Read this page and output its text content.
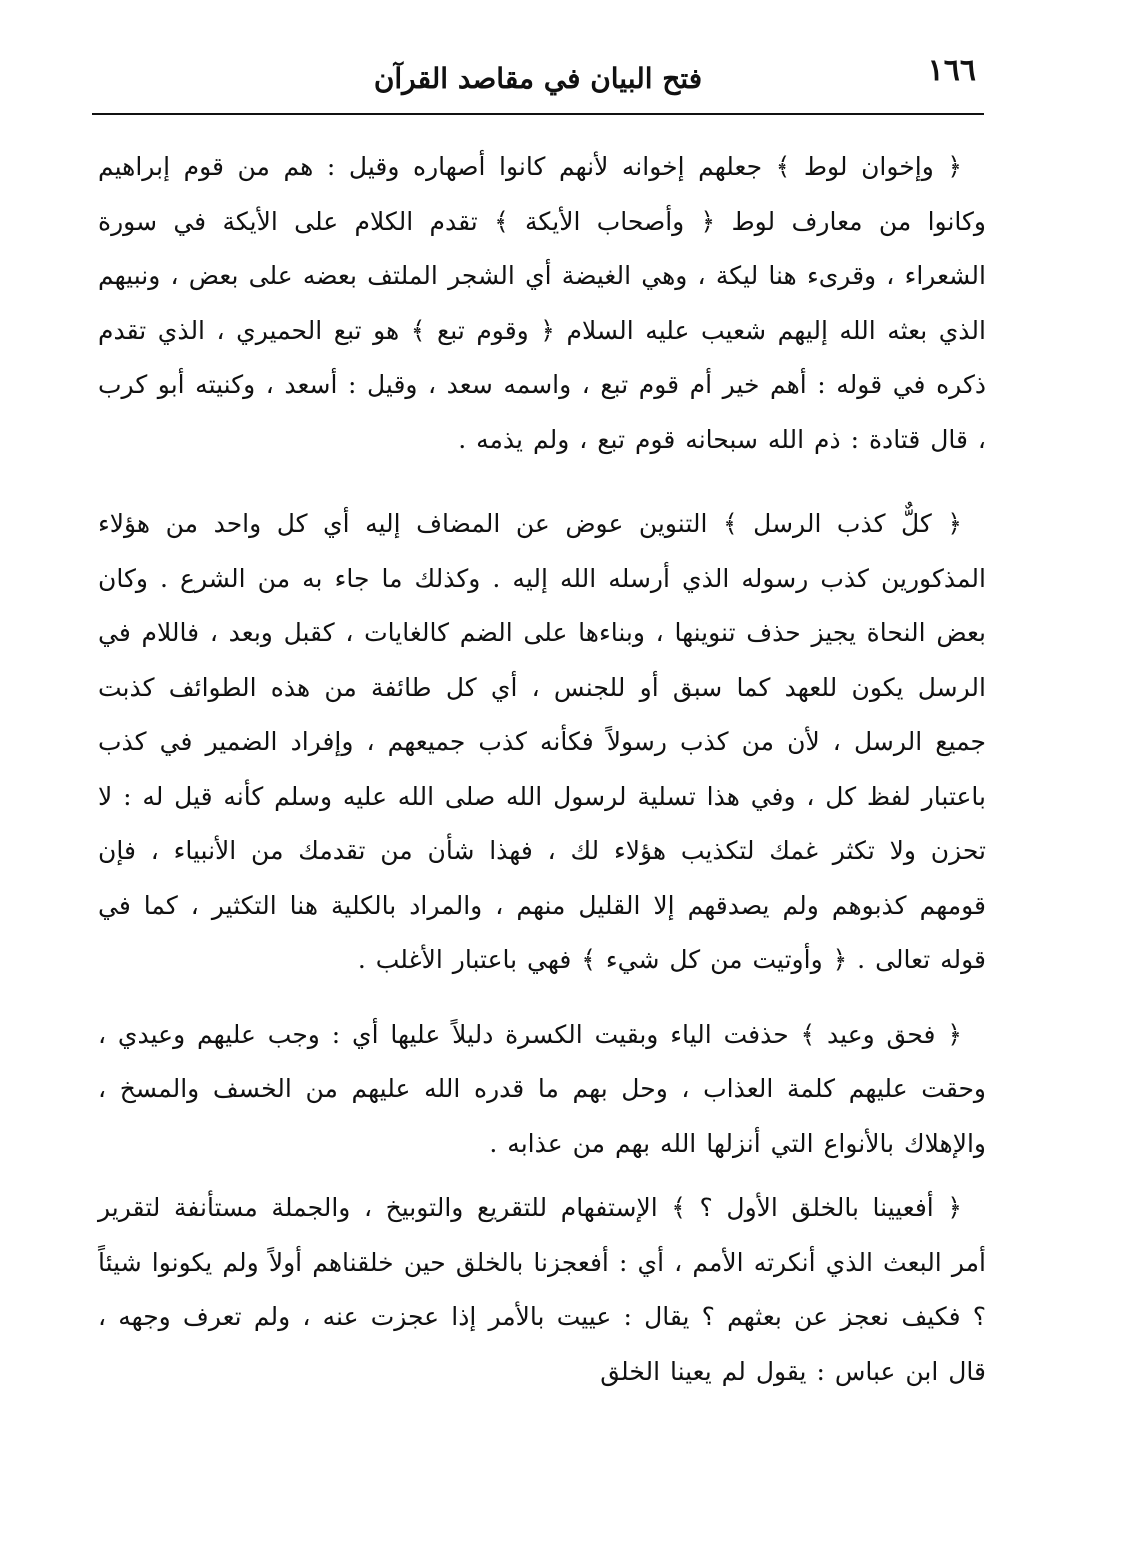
١٦٦
فتح البيان في مقاصد القرآن

﴿ وإخوان لوط ﴾ جعلهم إخوانه لأنهم كانوا أصهاره وقيل : هم من قوم إبراهيم وكانوا من معارف لوط ﴿ وأصحاب الأيكة ﴾ تقدم الكلام على الأيكة في سورة الشعراء ، وقرىء هنا ليكة ، وهي الغيضة أي الشجر الملتف بعضه على بعض ، ونبيهم الذي بعثه الله إليهم شعيب عليه السلام ﴿ وقوم تبع ﴾ هو تبع الحميري ، الذي تقدم ذكره في قوله : أهم خير أم قوم تبع ، واسمه سعد ، وقيل : أسعد ، وكنيته أبو كرب ، قال قتادة : ذم الله سبحانه قوم تبع ، ولم يذمه .

﴿ كلٌّ كذب الرسل ﴾ التنوين عوض عن المضاف إليه أي كل واحد من هؤلاء المذكورين كذب رسوله الذي أرسله الله إليه . وكذلك ما جاء به من الشرع . وكان بعض النحاة يجيز حذف تنوينها ، وبناءها على الضم كالغايات ، كقبل وبعد ، فاللام في الرسل يكون للعهد كما سبق أو للجنس ، أي كل طائفة من هذه الطوائف كذبت جميع الرسل ، لأن من كذب رسولاً فكأنه كذب جميعهم ، وإفراد الضمير في كذب باعتبار لفظ كل ، وفي هذا تسلية لرسول الله صلى الله عليه وسلم كأنه قيل له : لا تحزن ولا تكثر غمك لتكذيب هؤلاء لك ، فهذا شأن من تقدمك من الأنبياء ، فإن قومهم كذبوهم ولم يصدقهم إلا القليل منهم ، والمراد بالكلية هنا التكثير ، كما في قوله تعالى . ﴿ وأوتيت من كل شيء ﴾ فهي باعتبار الأغلب .

﴿ فحق وعيد ﴾ حذفت الياء وبقيت الكسرة دليلاً عليها أي : وجب عليهم وعيدي ، وحقت عليهم كلمة العذاب ، وحل بهم ما قدره الله عليهم من الخسف والمسخ ، والإهلاك بالأنواع التي أنزلها الله بهم من عذابه .

﴿ أفعيينا بالخلق الأول ؟ ﴾ الإستفهام للتقريع والتوبيخ ، والجملة مستأنفة لتقرير أمر البعث الذي أنكرته الأمم ، أي : أفعجزنا بالخلق حين خلقناهم أولاً ولم يكونوا شيئاً ؟ فكيف نعجز عن بعثهم ؟ يقال : عييت بالأمر إذا عجزت عنه ، ولم تعرف وجهه ، قال ابن عباس : يقول لم يعينا الخلق
